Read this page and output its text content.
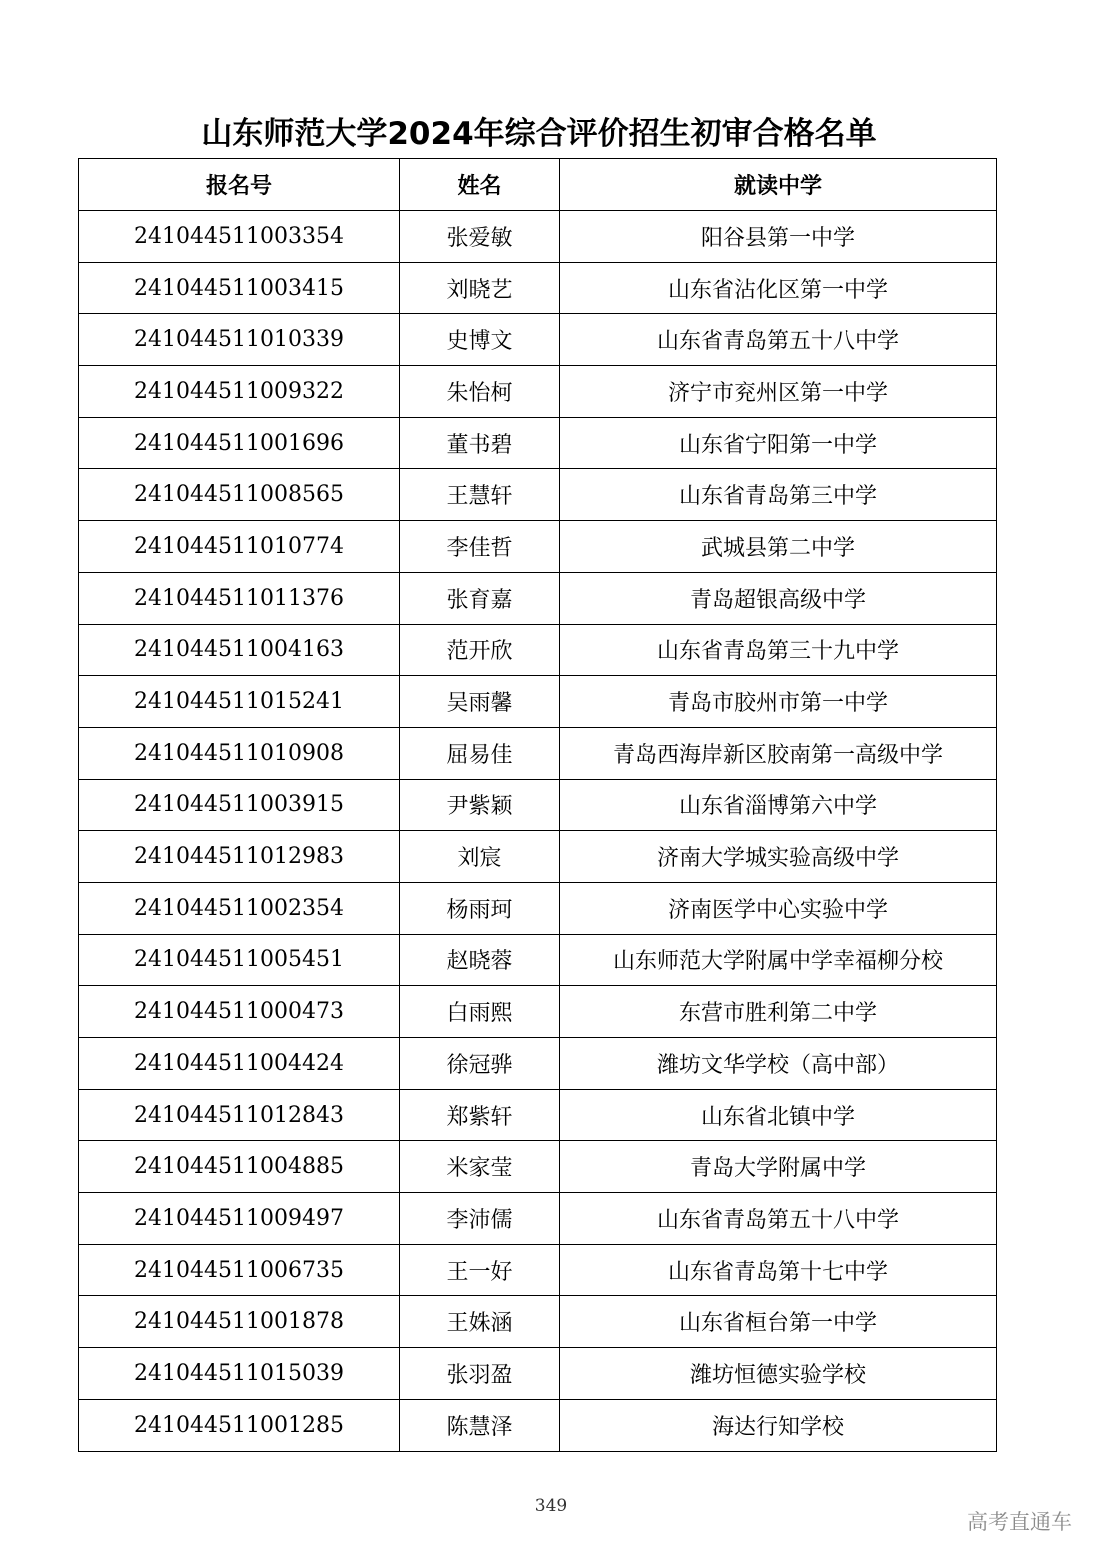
山东师范大学2024年综合评价招生初审合格名单
报名号	姓名	就读中学
241044511003354	张爱敏	阳谷县第一中学
241044511003415	刘晓艺	山东省沾化区第一中学
241044511010339	史博文	山东省青岛第五十八中学
241044511009322	朱怡柯	济宁市兖州区第一中学
241044511001696	董书碧	山东省宁阳第一中学
241044511008565	王慧轩	山东省青岛第三中学
241044511010774	李佳哲	武城县第二中学
241044511011376	张育嘉	青岛超银高级中学
241044511004163	范开欣	山东省青岛第三十九中学
241044511015241	吴雨馨	青岛市胶州市第一中学
241044511010908	屈易佳	青岛西海岸新区胶南第一高级中学
241044511003915	尹紫颖	山东省淄博第六中学
241044511012983	刘宸	济南大学城实验高级中学
241044511002354	杨雨珂	济南医学中心实验中学
241044511005451	赵晓蓉	山东师范大学附属中学幸福柳分校
241044511000473	白雨熙	东营市胜利第二中学
241044511004424	徐冠骅	潍坊文华学校（高中部）
241044511012843	郑紫轩	山东省北镇中学
241044511004885	米家莹	青岛大学附属中学
241044511009497	李沛儒	山东省青岛第五十八中学
241044511006735	王一好	山东省青岛第十七中学
241044511001878	王姝涵	山东省桓台第一中学
241044511015039	张羽盈	潍坊恒德实验学校
241044511001285	陈慧泽	海达行知学校
349
高考直通车
